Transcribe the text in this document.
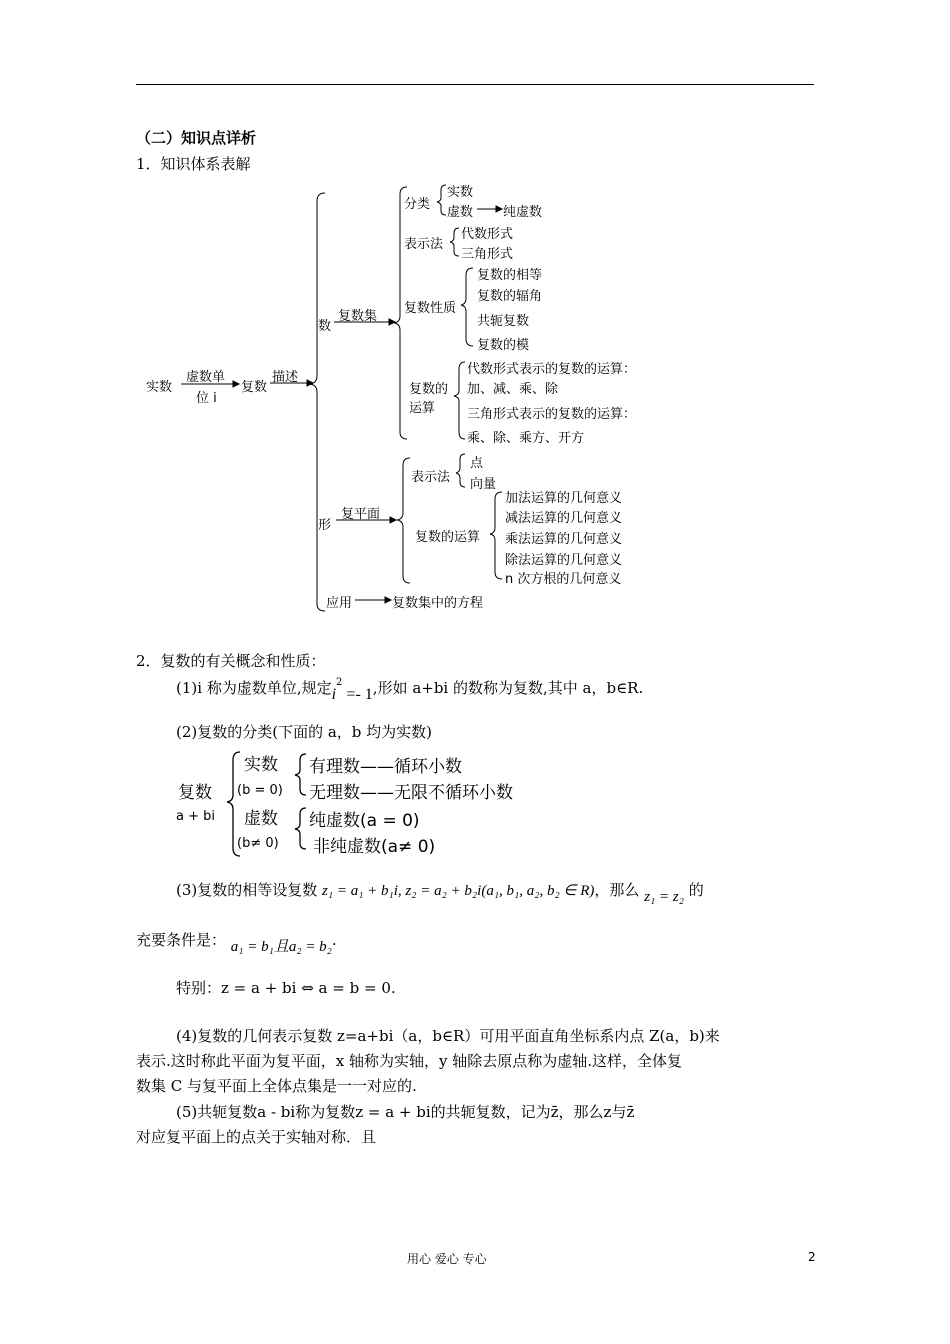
（二）知识点详析
1．知识体系表解
实数
虚数单
位 i
复数
描述
数
复数集
分类
实数
虚数 纯虚数
表示法
代数形式
三角形式
复数性质
复数的相等
复数的辐角
共轭复数
复数的模
复数的
运算
代数形式表示的复数的运算：
加、减、乘、除
三角形式表示的复数的运算：
乘、除、乘方、开方
形
复平面
表示法
点
向量
复数的运算
加法运算的几何意义
减法运算的几何意义
乘法运算的几何意义
除法运算的几何意义
n 次方根的几何意义
应用	复数集中的方程
2．复数的有关概念和性质：
(1)i 称为虚数单位,规定$i^2 =- 1$,形如 a+bi 的数称为复数,其中 a，b∈R.
(2)复数的分类(下面的 a，b 均为实数)
复数
a + bi
实数
(b = 0)
虚数
(b≠ 0)
有理数——循环小数
无理数——无限不循环小数
纯虚数(a = 0)
非纯虚数(a≠ 0)
(3)复数的相等设复数 z₁ = a₁ + b₁i, z₂ = a₂ + b₂i(a₁, b₁, a₂, b₂ ∈ R)，那么 z₁ = z₂ 的
充要条件是： a₁ = b₁且a₂ = b₂.
特别：z = a + bi ⇔ a = b = 0.
(4)复数的几何表示复数 z=a+bi（a，b∈R）可用平面直角坐标系内点 Z(a，b)来
表示.这时称此平面为复平面，x 轴称为实轴，y 轴除去原点称为虚轴.这样，全体复
数集 C 与复平面上全体点集是一一对应的.
(5)共轭复数a - bi称为复数z = a + bi的共轭复数，记为z̄，那么z与z̄
对应复平面上的点关于实轴对称．且
用心 爱心 专心	2
